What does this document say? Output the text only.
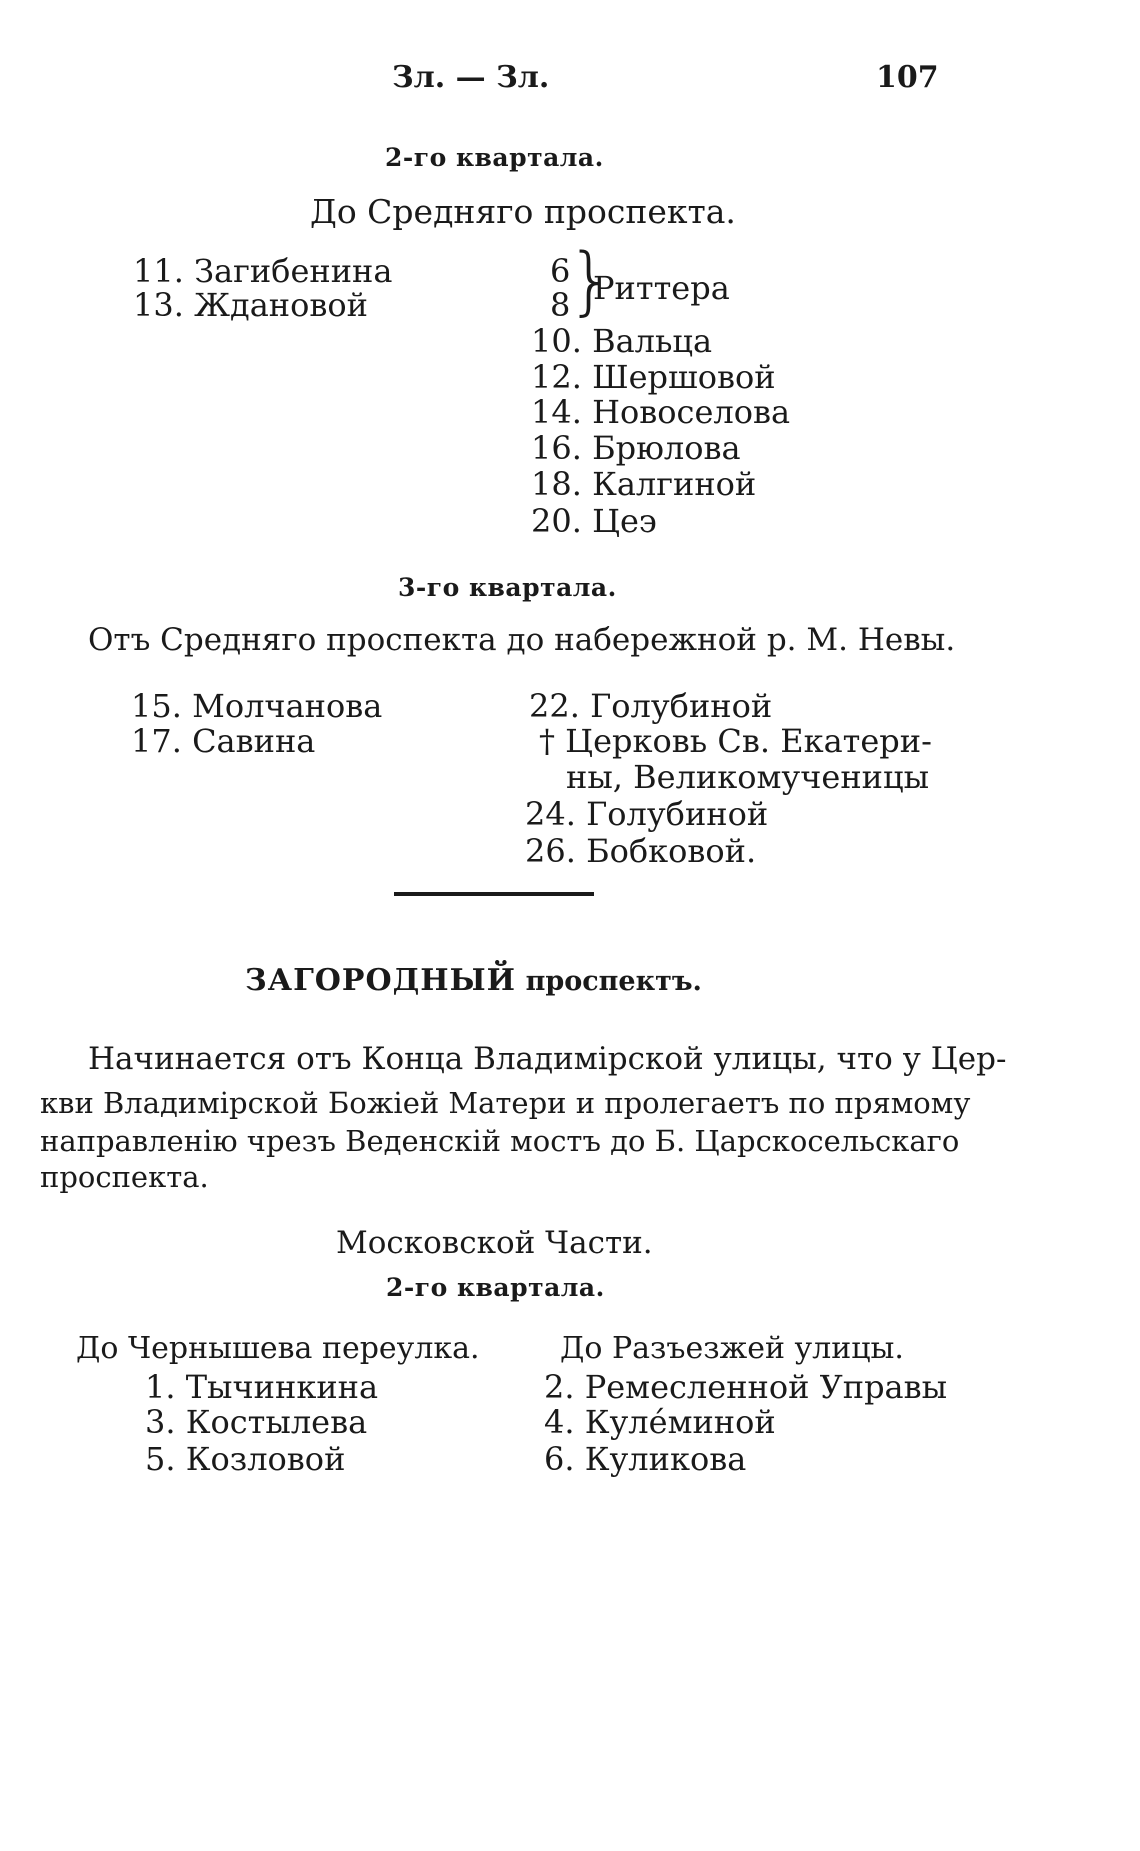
Зл. — Зл.	107
2-го квартала.
До Средняго проспекта.
11. Загибенина
13. Ждановой
6
8
}
Риттера
10. Вальца
12. Шершовой
14. Новоселова
16. Брюлова
18. Калгиной
20. Цеэ
3-го квартала.
Отъ Средняго проспекта до набережной р. М. Невы.
15. Молчанова
17. Савина
22. Голубиной
† Церковь Св. Екатери-
ны, Великомученицы
24. Голубиной
26. Бобковой.
ЗАГОРОДНЫЙ проспектъ.
Начинается отъ Конца Владимірской улицы, что у Цер-
кви Владимірской Божіей Матери и пролегаетъ по прямому
направленію чрезъ Веденскій мостъ до Б. Царскосельскаго
проспекта.
Московской Части.
2-го квартала.
До Чернышева переулка.	До Разъезжей улицы.
1. Тычинкина
3. Костылева
5. Козловой
2. Ремесленной Управы
4. Куле́миной
6. Куликова
